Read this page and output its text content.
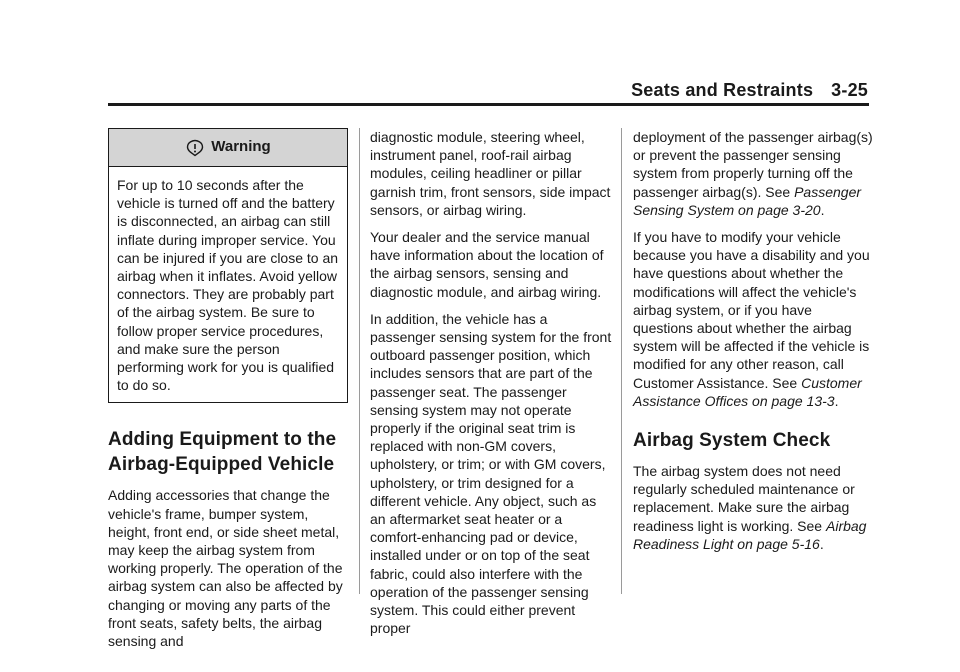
Seats and Restraints 3-25
Warning
For up to 10 seconds after the vehicle is turned off and the battery is disconnected, an airbag can still inflate during improper service. You can be injured if you are close to an airbag when it inflates. Avoid yellow connectors. They are probably part of the airbag system. Be sure to follow proper service procedures, and make sure the person performing work for you is qualified to do so.
Adding Equipment to the Airbag-Equipped Vehicle

Adding accessories that change the vehicle's frame, bumper system, height, front end, or side sheet metal, may keep the airbag system from working properly. The operation of the airbag system can also be affected by changing or moving any parts of the front seats, safety belts, the airbag sensing and

diagnostic module, steering wheel, instrument panel, roof-rail airbag modules, ceiling headliner or pillar garnish trim, front sensors, side impact sensors, or airbag wiring.

Your dealer and the service manual have information about the location of the airbag sensors, sensing and diagnostic module, and airbag wiring.

In addition, the vehicle has a passenger sensing system for the front outboard passenger position, which includes sensors that are part of the passenger seat. The passenger sensing system may not operate properly if the original seat trim is replaced with non-GM covers, upholstery, or trim; or with GM covers, upholstery, or trim designed for a different vehicle. Any object, such as an aftermarket seat heater or a comfort-enhancing pad or device, installed under or on top of the seat fabric, could also interfere with the operation of the passenger sensing system. This could either prevent proper

deployment of the passenger airbag(s) or prevent the passenger sensing system from properly turning off the passenger airbag(s). See Passenger Sensing System on page 3-20.

If you have to modify your vehicle because you have a disability and you have questions about whether the modifications will affect the vehicle's airbag system, or if you have questions about whether the airbag system will be affected if the vehicle is modified for any other reason, call Customer Assistance. See Customer Assistance Offices on page 13-3.

Airbag System Check

The airbag system does not need regularly scheduled maintenance or replacement. Make sure the airbag readiness light is working. See Airbag Readiness Light on page 5-16.
